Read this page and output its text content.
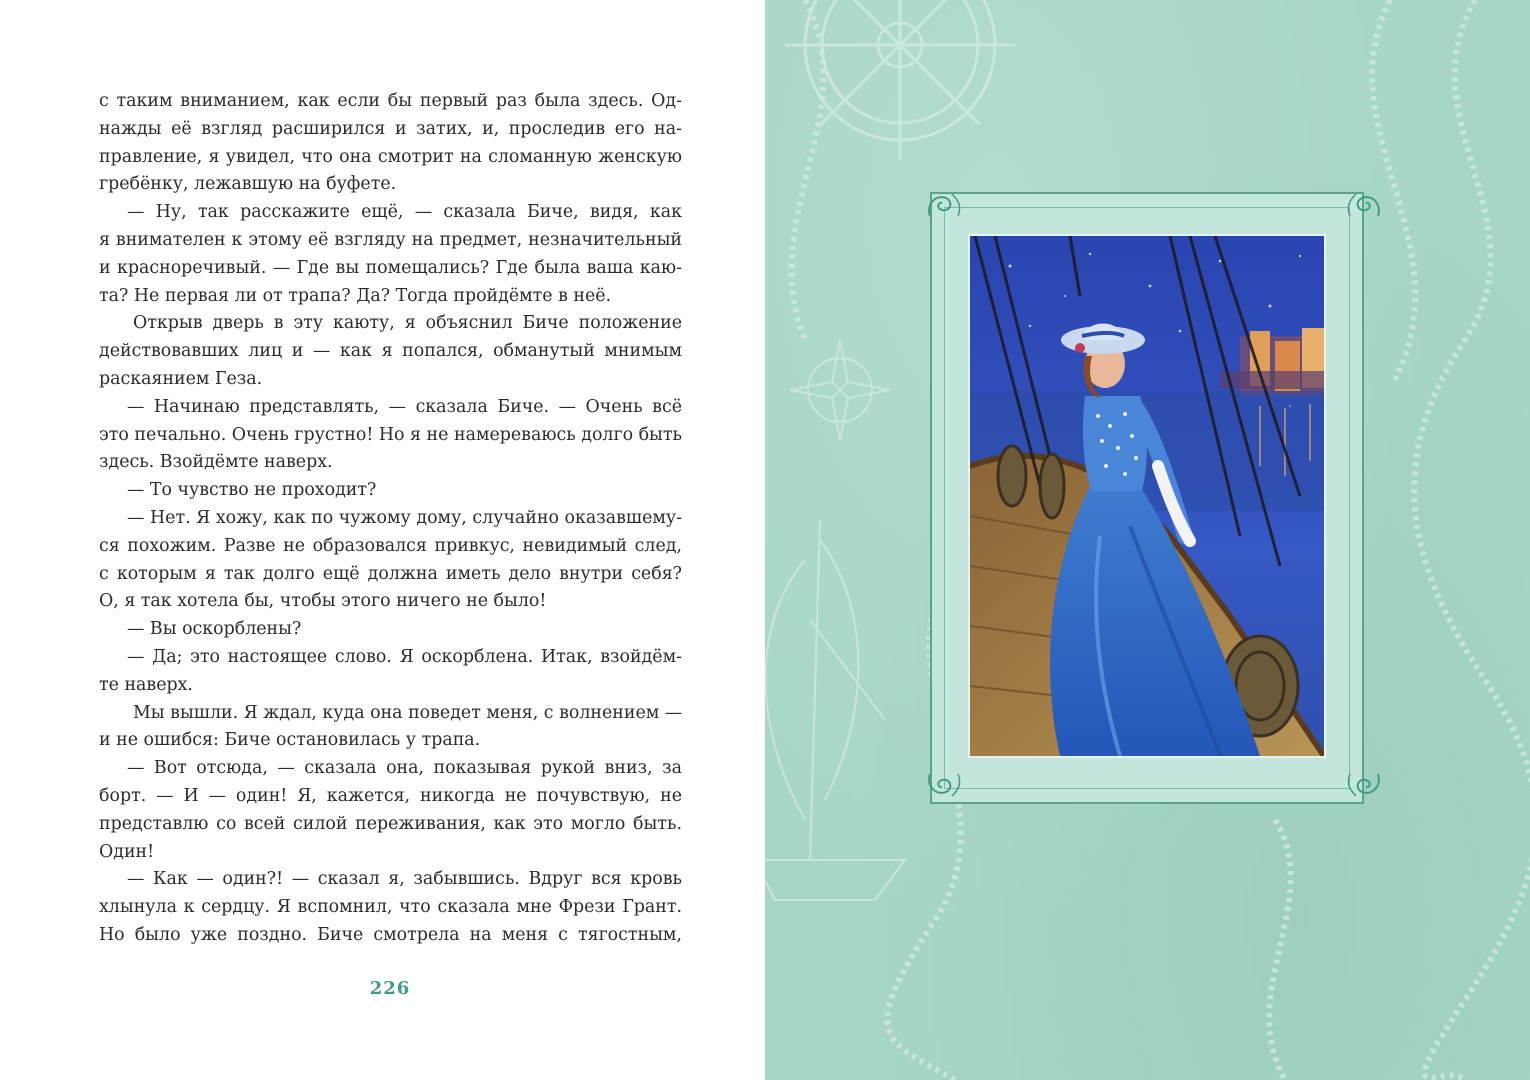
с таким вниманием, как если бы первый раз была здесь. Од-
нажды её взгляд расширился и затих, и, проследив его на-
правление, я увидел, что она смотрит на сломанную женскую
гребёнку, лежавшую на буфете.
— Ну, так расскажите ещё, — сказала Биче, видя, как
я внимателен к этому её взгляду на предмет, незначительный
и красноречивый. — Где вы помещались? Где была ваша каю-
та? Не первая ли от трапа? Да? Тогда пройдёмте в неё.
Открыв дверь в эту каюту, я объяснил Биче положение
действовавших лиц и — как я попался, обманутый мнимым
раскаянием Геза.
— Начинаю представлять, — сказала Биче. — Очень всё
это печально. Очень грустно! Но я не намереваюсь долго быть
здесь. Взойдёмте наверх.
— То чувство не проходит?
— Нет. Я хожу, как по чужому дому, случайно оказавшему-
ся похожим. Разве не образовался привкус, невидимый след,
с которым я так долго ещё должна иметь дело внутри себя?
О, я так хотела бы, чтобы этого ничего не было!
— Вы оскорблены?
— Да; это настоящее слово. Я оскорблена. Итак, взойдём-
те наверх.
Мы вышли. Я ждал, куда она поведет меня, с волнением —
и не ошибся: Биче остановилась у трапа.
— Вот отсюда, — сказала она, показывая рукой вниз, за
борт. — И — один! Я, кажется, никогда не почувствую, не
представлю со всей силой переживания, как это могло быть.
Один!
— Как — один?! — сказал я, забывшись. Вдруг вся кровь
хлынула к сердцу. Я вспомнил, что сказала мне Фрези Грант.
Но было уже поздно. Биче смотрела на меня с тягостным,
226
